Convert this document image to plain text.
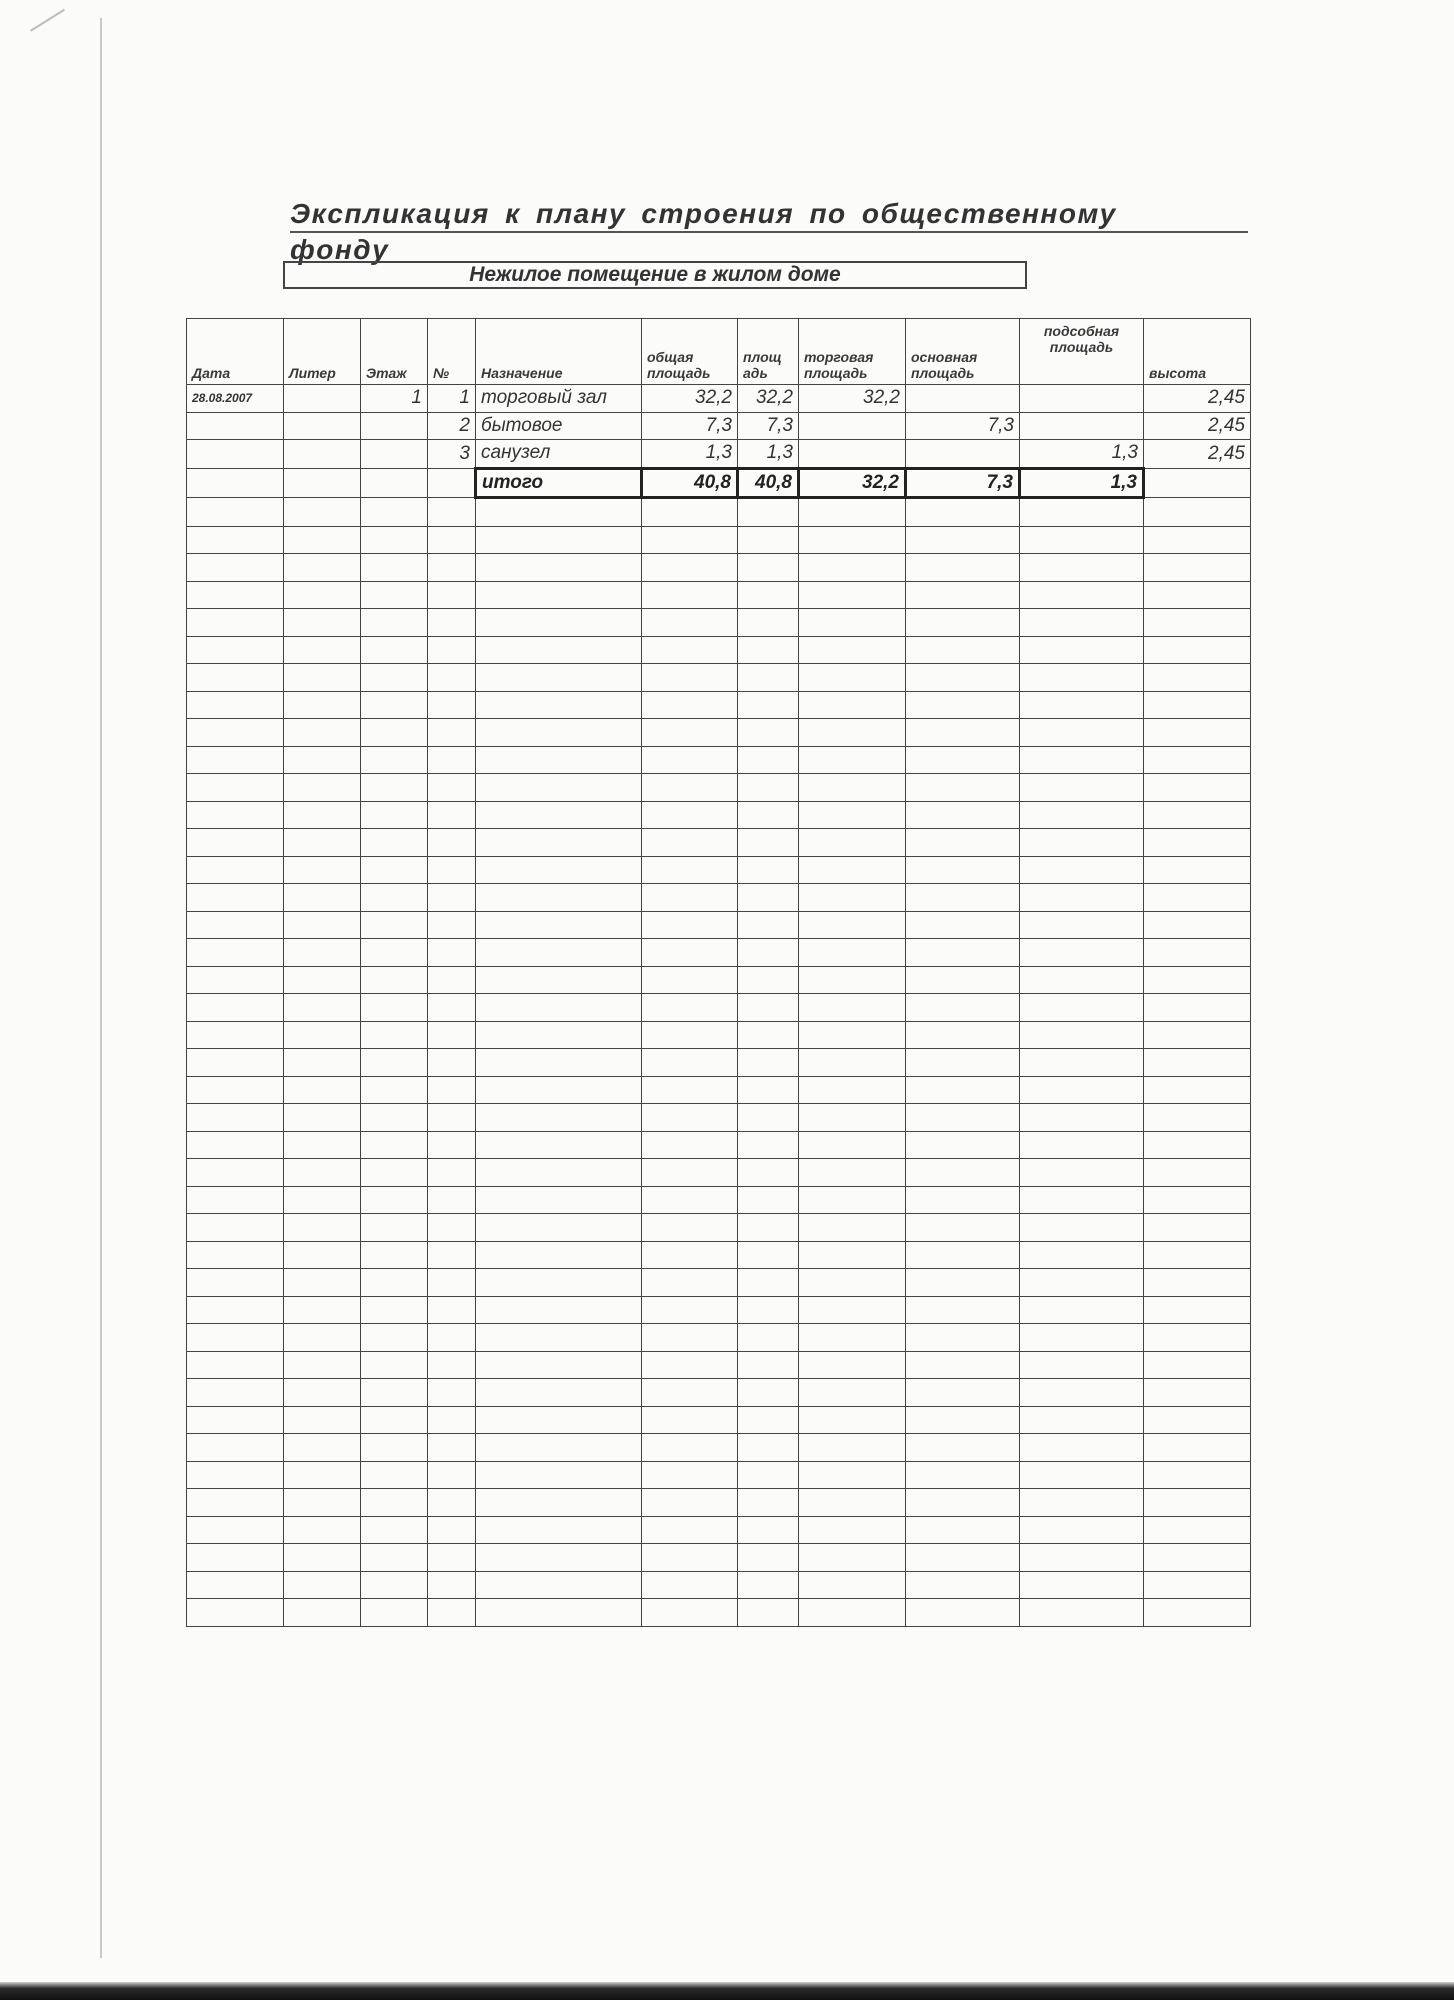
Экспликация к плану строения по общественному фонду
Нежилое помещение в жилом доме
Дата	Литер	Этаж	№	Назначение	общая площадь	площ адь	торговая площадь	основная площадь	подсобная площадь	высота
28.08.2007		1	1	торговый зал	32,2	32,2	32,2			2,45
			2	бытовое	7,3	7,3		7,3		2,45
			3	санузел	1,3	1,3			1,3	2,45
				итого	40,8	40,8	32,2	7,3	1,3	
